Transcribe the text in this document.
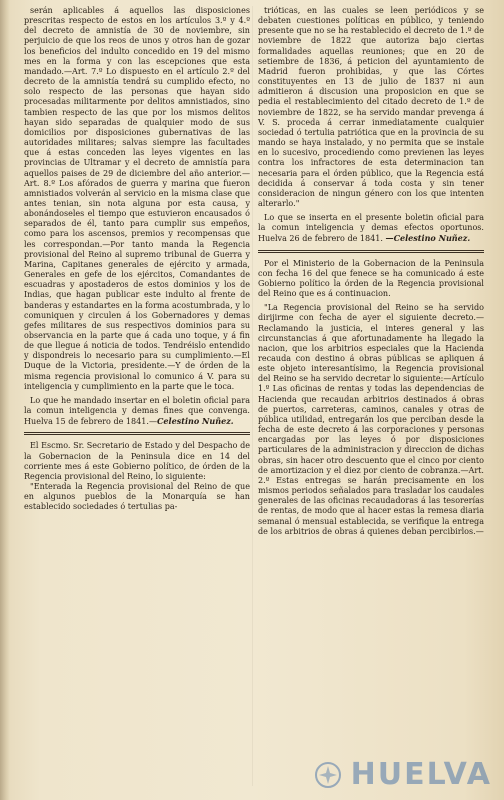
serán aplicables á aquellos las disposiciones prescritas respecto de estos en los artículos 3.º y 4.º del decreto de amnistía de 30 de noviembre, sin perjuicio de que los reos de unos y otros han de gozar los beneficios del indulto concedido en 19 del mismo mes en la forma y con las escepciones que esta mandado.—Art. 7.º Lo dispuesto en el artículo 2.º del decreto de la amnistía tendrá su cumplido efecto, no solo respecto de las personas que hayan sido procesadas militarmente por delitos amnistiados, sino tambien respecto de las que por los mismos delitos hayan sido separadas de qualquier modo de sus domicilios por disposiciones gubernativas de las autoridades militares; salvas siempre las facultades que á estas conceden las leyes vigentes en las provincias de Ultramar y el decreto de amnistía para aquellos paises de 29 de diciembre del año anterior.—Art. 8.º Los afórados de guerra y marina que fueron amnistiados volverán al servicio en la misma clase que antes tenian, sin nota alguna por esta causa, y abonándoseles el tiempo que estuvieron encausados ó separados de él, tanto para cumplir sus empeños, como para los ascensos, premios y recompensas que les correspondan.—Por tanto manda la Regencia provisional del Reino al supremo tribunal de Guerra y Marina, Capitanes generales de ejército y armada, Generales en gefe de los ejércitos, Comandantes de escuadras y apostaderos de estos dominios y los de Indias, que hagan publicar este indulto al frente de banderas y estandartes en la forma acostumbrada, y lo comuniquen y circulen á los Gobernadores y demas gefes militares de sus respectivos dominios para su observancia en la parte que á cada uno toque, y á fin de que llegue á noticia de todos. Tendréislo entendido y dispondreis lo necesario para su cumplimiento.—El Duque de la Victoria, presidente.—Y de órden de la misma regencia provisional lo comunico á V. para su inteligencia y cumplimiento en la parte que le toca.

Lo que he mandado insertar en el boletin oficial para la comun inteligencia y demas fines que convenga. Huelva 15 de febrero de 1841.—Celestino Nuñez.

El Escmo. Sr. Secretario de Estado y del Despacho de la Gobernacion de la Peninsula dice en 14 del corriente mes á este Gobierno político, de órden de la Regencia provisional del Reino, lo siguiente:

"Enterada la Regencia provisional del Reino de que en algunos pueblos de la Monarquía se han establecido sociedades ó tertulias pa-

trióticas, en las cuales se leen periódicos y se debaten cuestiones políticas en público, y teniendo presente que no se ha restablecido el decreto de 1.º de noviembre de 1822 que autoriza bajo ciertas formalidades aquellas reuniones; que en 20 de setiembre de 1836, á peticion del ayuntamiento de Madrid fueron prohibidas, y que las Córtes constituyentes en 13 de julio de 1837 ni aun admitieron á discusion una proposicion en que se pedia el restablecimiento del citado decreto de 1.º de noviembre de 1822, se ha servido mandar prevenga á V. S. proceda á cerrar inmediatamente cualquier sociedad ó tertulia patriótica que en la provincia de su mando se haya instalado, y no permita que se instale en lo sucesivo, procediendo como previenen las leyes contra los infractores de esta determinacion tan necesaria para el órden público, que la Regencia está decidida á conservar á toda costa y sin tener consideracion de ningun género con los que intenten alterarlo."

Lo que se inserta en el presente boletin oficial para la comun inteligencia y demas efectos oportunos. Huelva 26 de febrero de 1841. —Celestino Nuñez.

Por el Ministerio de la Gobernacion de la Peninsula con fecha 16 del que fenece se ha comunicado á este Gobierno político la órden de la Regencia provisional del Reino que es á continuacion.

"La Regencia provisional del Reino se ha servido dirijirme con fecha de ayer el siguiente decreto.—Reclamando la justicia, el interes general y las circunstancias á que afortunadamente ha llegado la nacion, que los arbitrios especiales que la Hacienda recauda con destino á obras públicas se apliquen á este objeto interesantísimo, la Regencia provisional del Reino se ha servido decretar lo siguiente:—Artículo 1.º Las oficinas de rentas y todas las dependencias de Hacienda que recaudan arbitrios destinados á obras de puertos, carreteras, caminos, canales y otras de pública utilidad, entregarán los que perciban desde la fecha de este decreto á las corporaciones y personas encargadas por las leyes ó por disposiciones particulares de la administracion y direccion de dichas obras, sin hacer otro descuento que el cinco por ciento de amortizacion y el diez por ciento de cobranza.—Art. 2.º Estas entregas se harán precisamente en los mismos periodos señalados para trasladar los caudales generales de las oficinas recaudadoras á las tesorerías de rentas, de modo que al hacer estas la remesa diaria semanal ó mensual establecida, se verifique la entrega de los arbitrios de obras á quienes deban percibirlos.—

HUELVA
